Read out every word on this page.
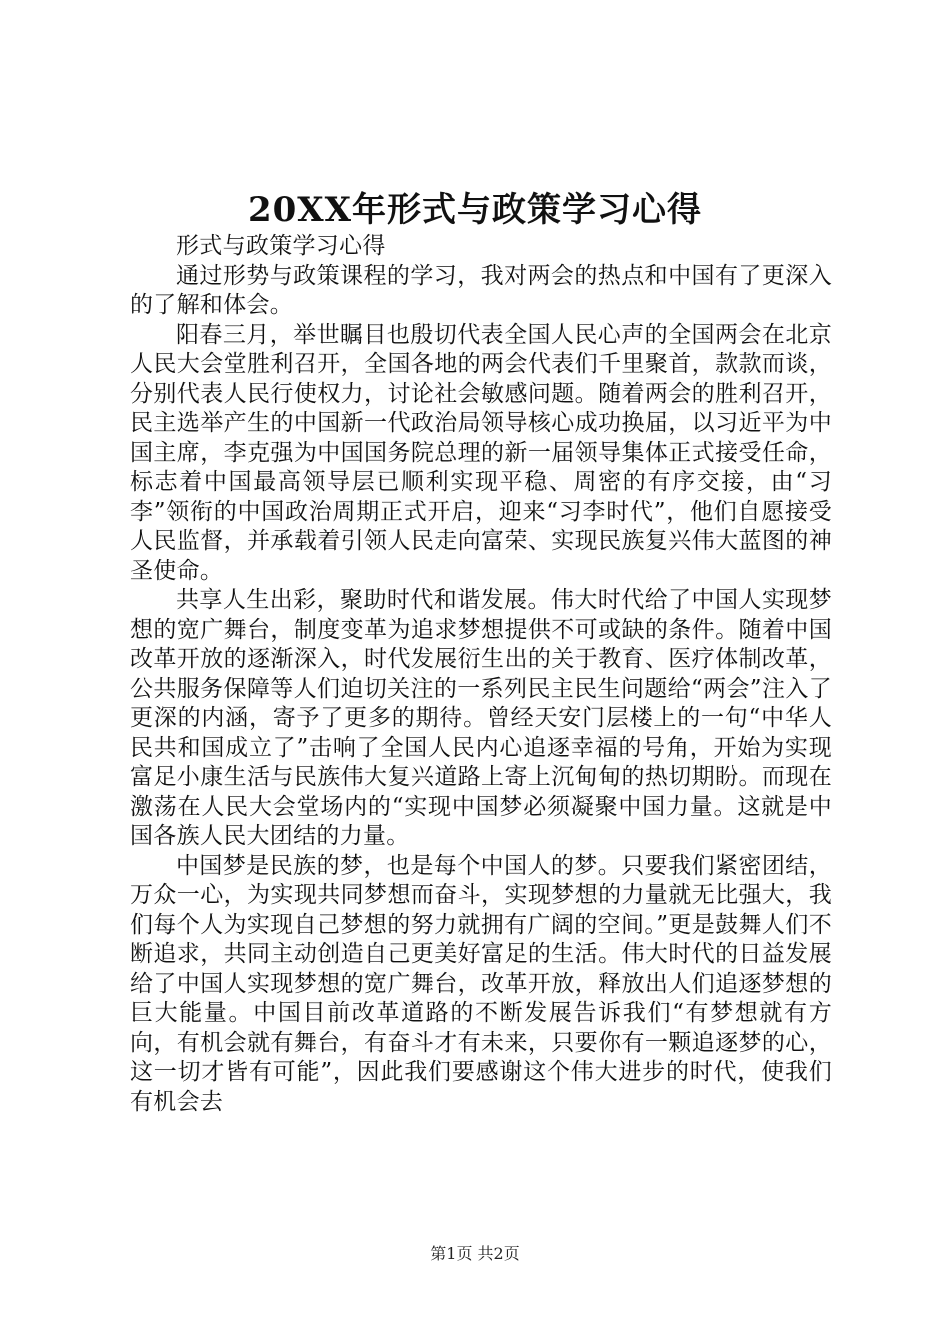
20XX年形式与政策学习心得

形式与政策学习心得

通过形势与政策课程的学习，我对两会的热点和中国有了更深入的了解和体会。

阳春三月，举世瞩目也殷切代表全国人民心声的全国两会在北京人民大会堂胜利召开，全国各地的两会代表们千里聚首，款款而谈，分别代表人民行使权力，讨论社会敏感问题。随着两会的胜利召开，民主选举产生的中国新一代政治局领导核心成功换届，以习近平为中国主席，李克强为中国国务院总理的新一届领导集体正式接受任命，标志着中国最高领导层已顺利实现平稳、周密的有序交接，由“习李”领衔的中国政治周期正式开启，迎来“习李时代”，他们自愿接受人民监督，并承载着引领人民走向富荣、实现民族复兴伟大蓝图的神圣使命。

共享人生出彩，聚助时代和谐发展。伟大时代给了中国人实现梦想的宽广舞台，制度变革为追求梦想提供不可或缺的条件。随着中国改革开放的逐渐深入，时代发展衍生出的关于教育、医疗体制改革，公共服务保障等人们迫切关注的一系列民主民生问题给“两会”注入了更深的内涵，寄予了更多的期待。曾经天安门层楼上的一句“中华人民共和国成立了”击响了全国人民内心追逐幸福的号角，开始为实现富足小康生活与民族伟大复兴道路上寄上沉甸甸的热切期盼。而现在激荡在人民大会堂场内的“实现中国梦必须凝聚中国力量。这就是中国各族人民大团结的力量。

中国梦是民族的梦，也是每个中国人的梦。只要我们紧密团结，万众一心，为实现共同梦想而奋斗，实现梦想的力量就无比强大，我们每个人为实现自己梦想的努力就拥有广阔的空间。”更是鼓舞人们不断追求，共同主动创造自己更美好富足的生活。伟大时代的日益发展给了中国人实现梦想的宽广舞台，改革开放，释放出人们追逐梦想的巨大能量。中国目前改革道路的不断发展告诉我们“有梦想就有方向，有机会就有舞台，有奋斗才有未来，只要你有一颗追逐梦的心，这一切才皆有可能”，因此我们要感谢这个伟大进步的时代，使我们有机会去

第1页 共2页
